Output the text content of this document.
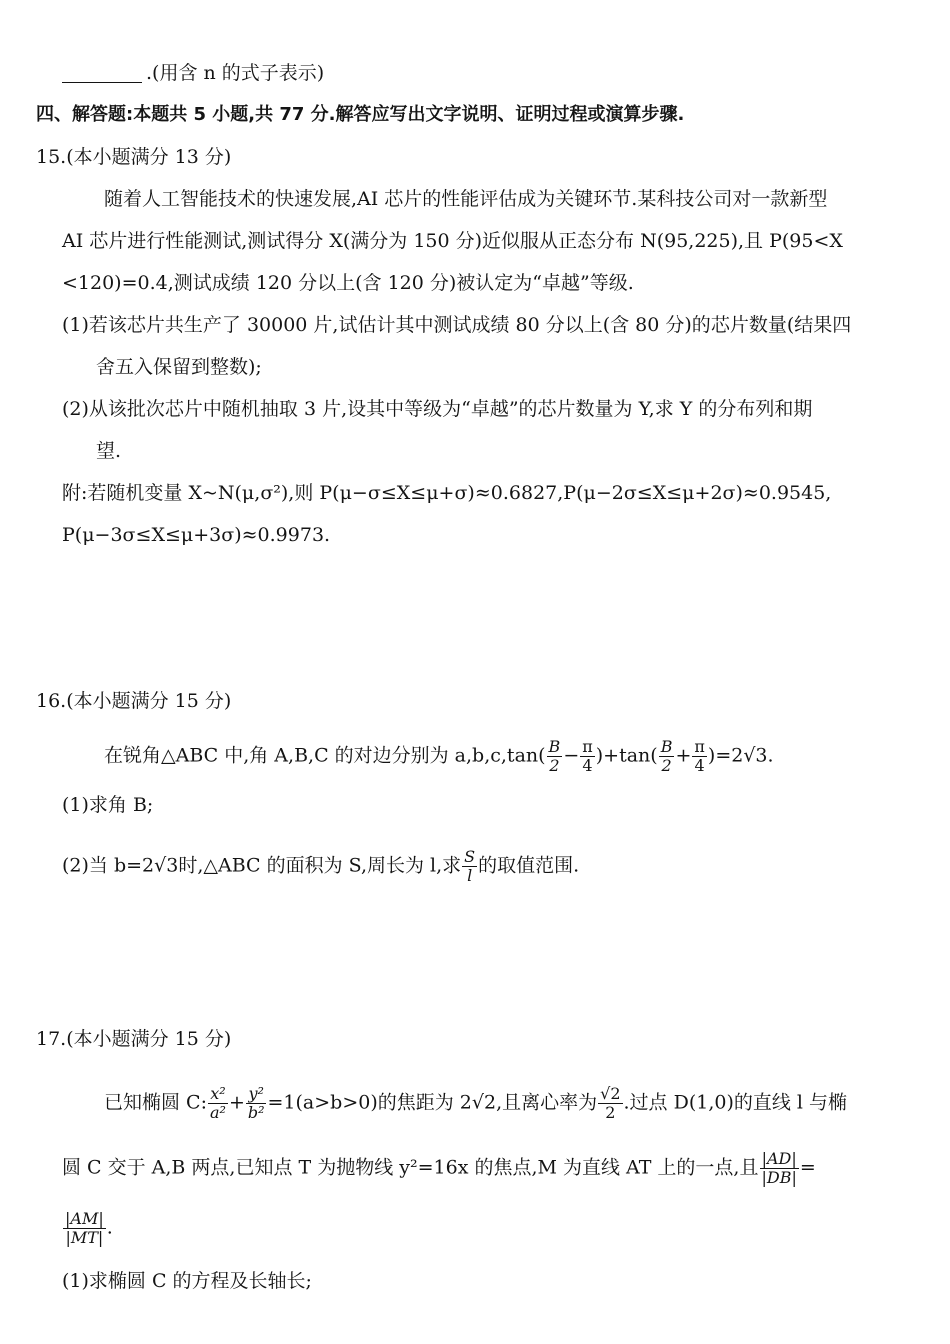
.(用含 n 的式子表示)
四、解答题:本题共 5 小题,共 77 分.解答应写出文字说明、证明过程或演算步骤.
15.(本小题满分 13 分)
随着人工智能技术的快速发展,AI 芯片的性能评估成为关键环节.某科技公司对一款新型
AI 芯片进行性能测试,测试得分 X(满分为 150 分)近似服从正态分布 N(95,225),且 P(95<X
<120)=0.4,测试成绩 120 分以上(含 120 分)被认定为“卓越”等级.
(1)若该芯片共生产了 30000 片,试估计其中测试成绩 80 分以上(含 80 分)的芯片数量(结果四
舍五入保留到整数);
(2)从该批次芯片中随机抽取 3 片,设其中等级为“卓越”的芯片数量为 Y,求 Y 的分布列和期
望.
附:若随机变量 X~N(μ,σ²),则 P(μ−σ≤X≤μ+σ)≈0.6827,P(μ−2σ≤X≤μ+2σ)≈0.9545,
P(μ−3σ≤X≤μ+3σ)≈0.9973.
16.(本小题满分 15 分)
在锐角△ABC 中,角 A,B,C 的对边分别为 $a,b,c,\tan( \frac{B}{2} - \frac{\pi}{4} )+\tan( \frac{B}{2} + \frac{\pi}{4} )=2√3$.
(1)求角 B;
(2)当 b=2√3时,△ABC 的面积为 S,周长为 l,求 $\frac{S}{l}$ 的取值范围.
17.(本小题满分 15 分)
已知椭圆 C: $\frac{\text{x²}}{\text{a²}} + \frac{\text{y²}}{\text{b²}} =1(a>b>0)$的焦距为 2√2,且离心率为 $\frac{√2}{2}$ .过点 D(1,0)的直线 l 与椭
圆 C 交于 A,B 两点,已知点 T 为抛物线 y²=16x 的焦点,M 为直线 AT 上的一点,且 $\frac{|AD|}{|DB|}$ =
$\frac{|AM|}{|MT|}$ .
(1)求椭圆 C 的方程及长轴长;
